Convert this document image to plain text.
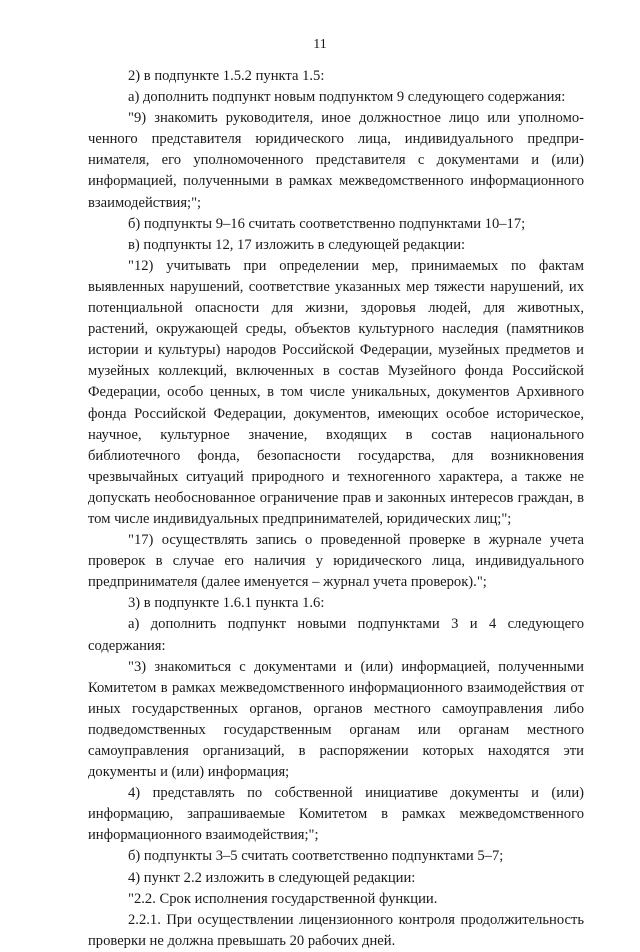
11

2) в подпункте 1.5.2 пункта 1.5:

а) дополнить подпункт новым подпунктом 9 следующего содержания:

"9) знакомить руководителя, иное должностное лицо или уполномоченного представителя юридического лица, индивидуального предпринимателя, его уполномоченного представителя с документами и (или) информацией, полученными в рамках межведомственного информационного взаимодействия;";

б) подпункты 9–16 считать соответственно подпунктами 10–17;

в) подпункты 12, 17 изложить в следующей редакции:

"12) учитывать при определении мер, принимаемых по фактам выявленных нарушений, соответствие указанных мер тяжести нарушений, их потенциальной опасности для жизни, здоровья людей, для животных, растений, окружающей среды, объектов культурного наследия (памятников истории и культуры) народов Российской Федерации, музейных предметов и музейных коллекций, включенных в состав Музейного фонда Российской Федерации, особо ценных, в том числе уникальных, документов Архивного фонда Российской Федерации, документов, имеющих особое историческое, научное, культурное значение, входящих в состав национального библиотечного фонда, безопасности государства, для возникновения чрезвычайных ситуаций природного и техногенного характера, а также не допускать необоснованное ограничение прав и законных интересов граждан, в том числе индивидуальных предпринимателей, юридических лиц;";

"17) осуществлять запись о проведенной проверке в журнале учета проверок в случае его наличия у юридического лица, индивидуального предпринимателя (далее именуется – журнал учета проверок).";

3) в подпункте 1.6.1 пункта 1.6:

а) дополнить подпункт новыми подпунктами 3 и 4 следующего содержания:

"3) знакомиться с документами и (или) информацией, полученными Комитетом в рамках межведомственного информационного взаимодействия от иных государственных органов, органов местного самоуправления либо подведомственных государственным органам или органам местного самоуправления организаций, в распоряжении которых находятся эти документы и (или) информация;

4) представлять по собственной инициативе документы и (или) информацию, запрашиваемые Комитетом в рамках межведомственного информационного взаимодействия;";

б) подпункты 3–5 считать соответственно подпунктами 5–7;

4) пункт 2.2 изложить в следующей редакции:

"2.2. Срок исполнения государственной функции.

2.2.1. При осуществлении лицензионного контроля продолжительность проверки не должна превышать 20 рабочих дней.
